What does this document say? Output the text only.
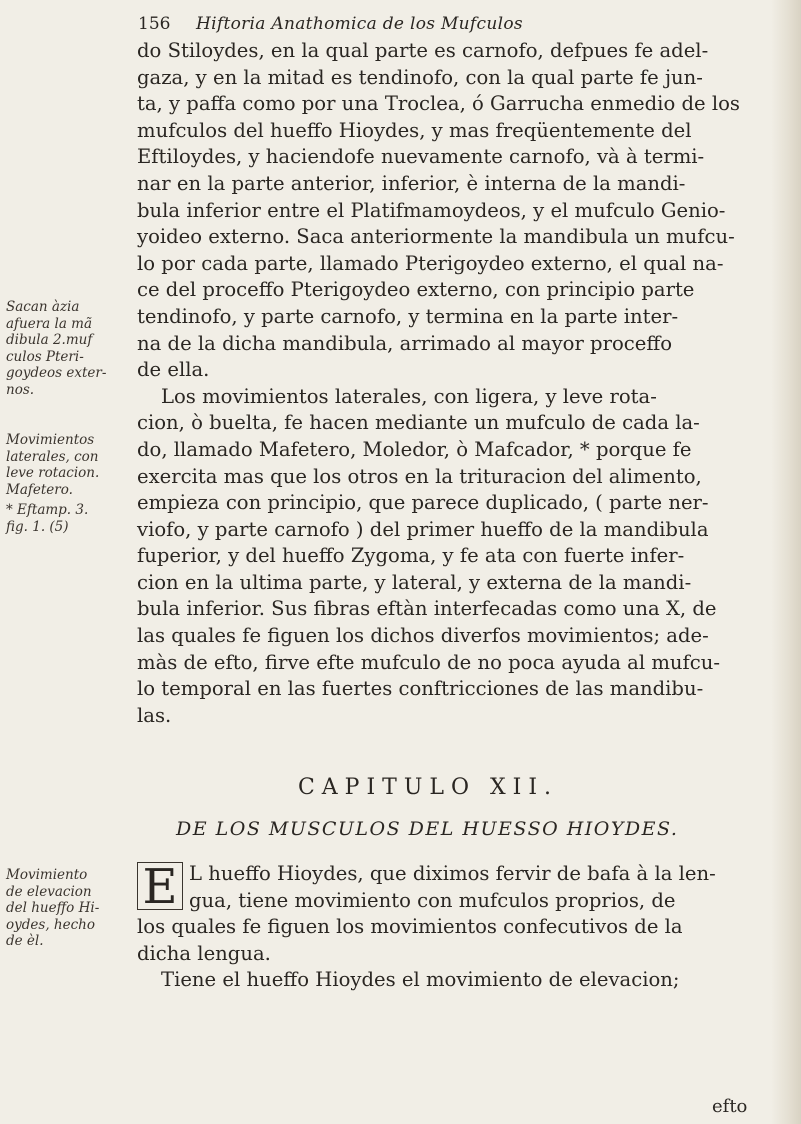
156 Hiftoria Anathomica de los Mufculos
Sacan àzia
afuera la mã
dibula 2.muf
culos Pteri-
goydeos exter-
nos.
Movimientos
laterales, con
leve rotacion.
Mafetero.
* Eftamp. 3.
fig. 1. (5)
Movimiento
de elevacion
del hueffo Hi-
oydes, hecho
de èl.
do Stiloydes, en la qual parte es carnofo, defpues fe adel-
gaza, y en la mitad es tendinofo, con la qual parte fe jun-
ta, y paffa como por una Troclea, ó Garrucha enmedio de los
mufculos del hueffo Hioydes, y mas freqüentemente del
Eftiloydes, y haciendofe nuevamente carnofo, và à termi-
nar en la parte anterior, inferior, è interna de la mandi-
bula inferior entre el Platifmamoydeos, y el mufculo Genio-
yoideo externo. Saca anteriormente la mandibula un mufcu-
lo por cada parte, llamado Pterigoydeo externo, el qual na-
ce del proceffo Pterigoydeo externo, con principio parte
tendinofo, y parte carnofo, y termina en la parte inter-
na de la dicha mandibula, arrimado al mayor proceffo
de ella.
Los movimientos laterales, con ligera, y leve rota-
cion, ò buelta, fe hacen mediante un mufculo de cada la-
do, llamado Mafetero, Moledor, ò Mafcador, * porque fe
exercita mas que los otros en la trituracion del alimento,
empieza con principio, que parece duplicado, ( parte ner-
viofo, y parte carnofo ) del primer hueffo de la mandibula
fuperior, y del hueffo Zygoma, y fe ata con fuerte infer-
cion en la ultima parte, y lateral, y externa de la mandi-
bula inferior. Sus fibras eftàn interfecadas como una X, de
las quales fe figuen los dichos diverfos movimientos; ade-
màs de efto, firve efte mufculo de no poca ayuda al mufcu-
lo temporal en las fuertes conftricciones de las mandibu-
las.
CAPITULO XII.
DE LOS MUSCULOS DEL HUESSO HIOYDES.
E L hueffo Hioydes, que diximos fervir de bafa à la len-
gua, tiene movimiento con mufculos proprios, de
los quales fe figuen los movimientos confecutivos de la
dicha lengua.
Tiene el hueffo Hioydes el movimiento de elevacion;
efto
